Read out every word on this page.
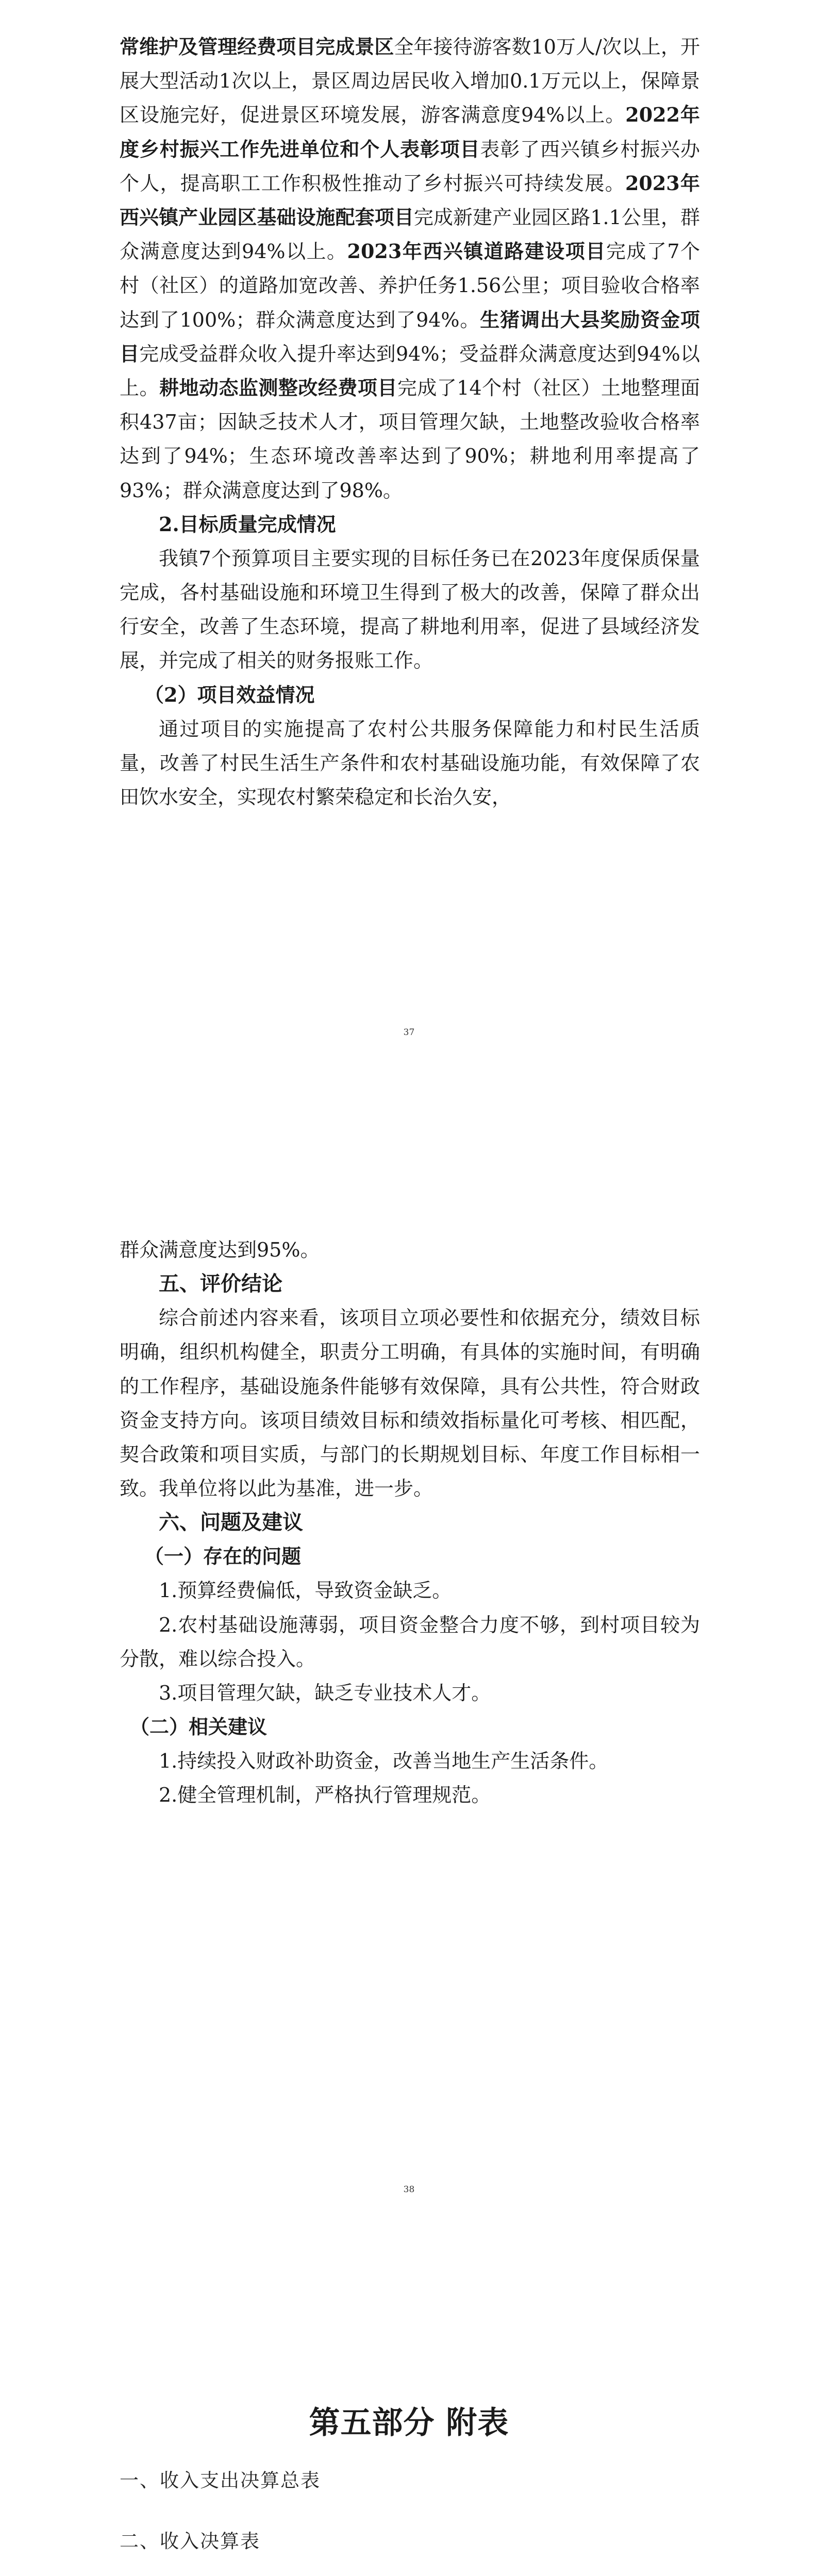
常维护及管理经费项目完成景区全年接待游客数10万人/次以上，开展大型活动1次以上，景区周边居民收入增加0.1万元以上，保障景区设施完好，促进景区环境发展，游客满意度94%以上。2022年度乡村振兴工作先进单位和个人表彰项目表彰了西兴镇乡村振兴办个人，提高职工工作积极性推动了乡村振兴可持续发展。2023年西兴镇产业园区基础设施配套项目完成新建产业园区路1.1公里，群众满意度达到94%以上。2023年西兴镇道路建设项目完成了7个村（社区）的道路加宽改善、养护任务1.56公里；项目验收合格率达到了100%；群众满意度达到了94%。生猪调出大县奖励资金项目完成受益群众收入提升率达到94%；受益群众满意度达到94%以上。耕地动态监测整改经费项目完成了14个村（社区）土地整理面积437亩；因缺乏技术人才，项目管理欠缺，土地整改验收合格率达到了94%；生态环境改善率达到了90%；耕地利用率提高了93%；群众满意度达到了98%。

2.目标质量完成情况

我镇7个预算项目主要实现的目标任务已在2023年度保质保量完成，各村基础设施和环境卫生得到了极大的改善，保障了群众出行安全，改善了生态环境，提高了耕地利用率，促进了县域经济发展，并完成了相关的财务报账工作。

（2）项目效益情况

通过项目的实施提高了农村公共服务保障能力和村民生活质量，改善了村民生活生产条件和农村基础设施功能，有效保障了农田饮水安全，实现农村繁荣稳定和长治久安，

37

群众满意度达到95%。

五、评价结论

综合前述内容来看，该项目立项必要性和依据充分，绩效目标明确，组织机构健全，职责分工明确，有具体的实施时间，有明确的工作程序，基础设施条件能够有效保障，具有公共性，符合财政资金支持方向。该项目绩效目标和绩效指标量化可考核、相匹配，契合政策和项目实质，与部门的长期规划目标、年度工作目标相一致。我单位将以此为基准，进一步。

六、问题及建议
（一）存在的问题

1.预算经费偏低，导致资金缺乏。

2.农村基础设施薄弱，项目资金整合力度不够，到村项目较为分散，难以综合投入。

3.项目管理欠缺，缺乏专业技术人才。

（二）相关建议

1.持续投入财政补助资金，改善当地生产生活条件。

2.健全管理机制，严格执行管理规范。

38
第五部分 附表
一、收入支出决算总表
二、收入决算表
